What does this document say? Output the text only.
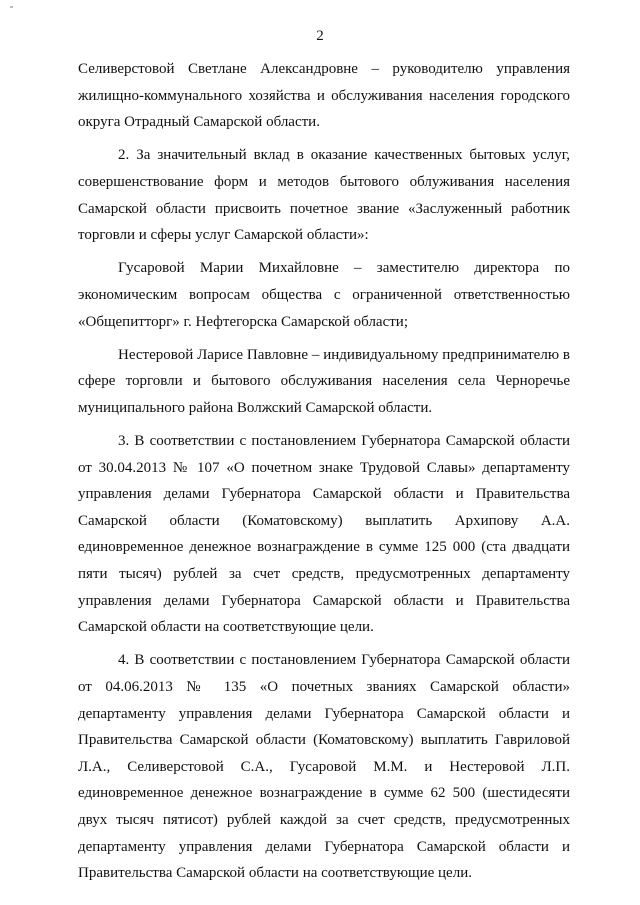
2

Селиверстовой Светлане Александровне – руководителю управления жилищно-коммунального хозяйства и обслуживания населения городского округа Отрадный Самарской области.

2. За значительный вклад в оказание качественных бытовых услуг, совершенствование форм и методов бытового облуживания населения Самарской области присвоить почетное звание «Заслуженный работник торговли и сферы услуг Самарской области»:

Гусаровой Марии Михайловне – заместителю директора по экономическим вопросам общества с ограниченной ответственностью «Общепитторг» г. Нефтегорска Самарской области;

Нестеровой Ларисе Павловне – индивидуальному предпринимателю в сфере торговли и бытового обслуживания населения села Черноречье муниципального района Волжский Самарской области.

3. В соответствии с постановлением Губернатора Самарской области от 30.04.2013 № 107 «О почетном знаке Трудовой Славы» департаменту управления делами Губернатора Самарской области и Правительства Самарской области (Коматовскому) выплатить Архипову А.А. единовременное денежное вознаграждение в сумме 125 000 (ста двадцати пяти тысяч) рублей за счет средств, предусмотренных департаменту управления делами Губернатора Самарской области и Правительства Самарской области на соответствующие цели.

4. В соответствии с постановлением Губернатора Самарской области от 04.06.2013 № 135 «О почетных званиях Самарской области» департаменту управления делами Губернатора Самарской области и Правительства Самарской области (Коматовскому) выплатить Гавриловой Л.А., Селиверстовой С.А., Гусаровой М.М. и Нестеровой Л.П. единовременное денежное вознаграждение в сумме 62 500 (шестидесяти двух тысяч пятисот) рублей каждой за счет средств, предусмотренных департаменту управления делами Губернатора Самарской области и Правительства Самарской области на соответствующие цели.
